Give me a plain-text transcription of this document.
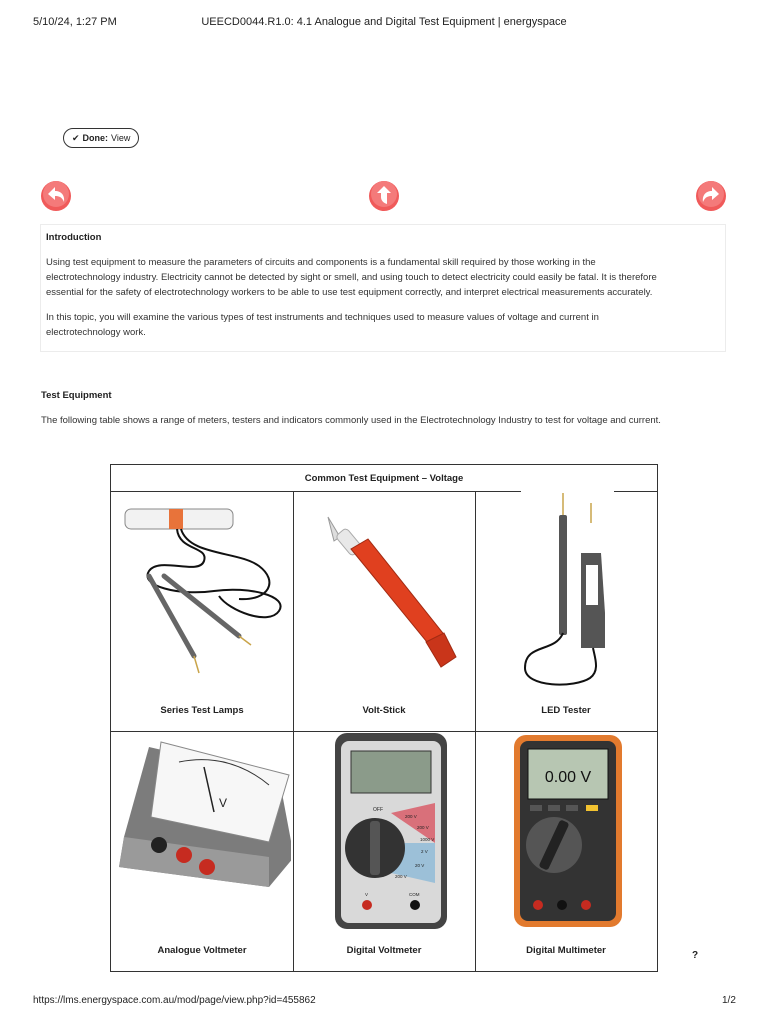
5/10/24, 1:27 PM	UEECD0044.R1.0: 4.1 Analogue and Digital Test Equipment | energyspace
✔ Done: View
Introduction

Using test equipment to measure the parameters of circuits and components is a fundamental skill required by those working in the

electrotechnology industry. Electricity cannot be detected by sight or smell, and using touch to detect electricity could easily be fatal. It is therefore

essential for the safety of electrotechnology workers to be able to use test equipment correctly, and interpret electrical measurements accurately.

In this topic, you will examine the various types of test instruments and techniques used to measure values of voltage and current in

electrotechnology work.

Test Equipment
The following table shows a range of meters, testers and indicators commonly used in the Electrotechnology Industry to test for voltage and current.
Common Test Equipment – Voltage
V	OFF
200 V
200 V
1000 V
2 V
20 V
200 V
V	COM
0.00 V
Series Test Lamps	Volt-Stick	LED Tester
Analogue Voltmeter	Digital Voltmeter	Digital Multimeter	?
https://lms.energyspace.com.au/mod/page/view.php?id=455862	1/2
